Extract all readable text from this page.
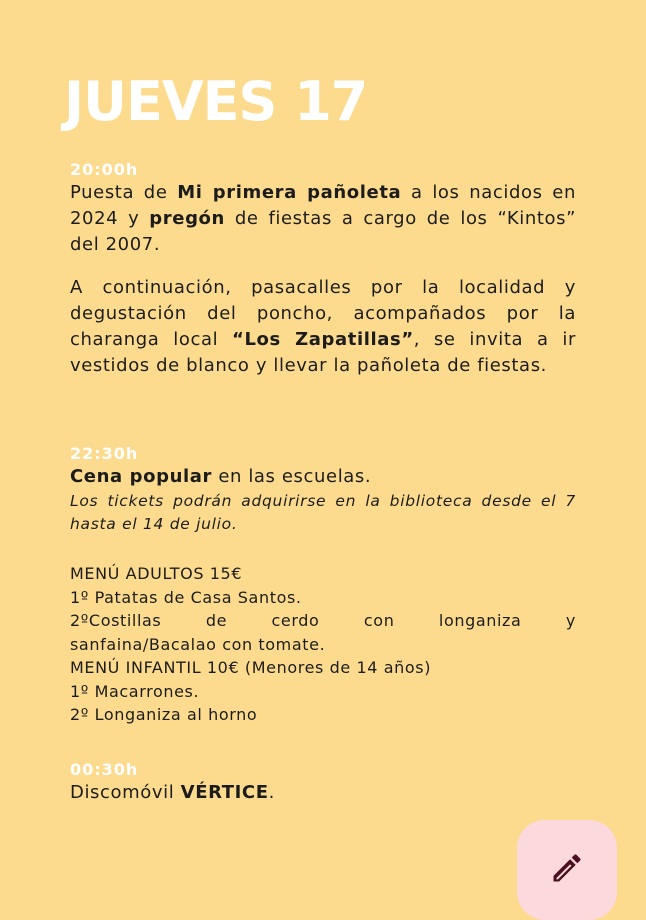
JUEVES 17
20:00h

Puesta de Mi primera pañoleta a los nacidos en 2024 y pregón de fiestas a cargo de los “Kintos” del 2007.

A continuación, pasacalles por la localidad y degustación del poncho, acompañados por la charanga local “Los Zapatillas”, se invita a ir vestidos de blanco y llevar la pañoleta de fiestas.

22:30h

Cena popular en las escuelas.

Los tickets podrán adquirirse en la biblioteca desde el 7 hasta el 14 de julio.

MENÚ ADULTOS 15€

1º Patatas de Casa Santos.

2ºCostillas de cerdo con longaniza y

sanfaina/Bacalao con tomate.

MENÚ INFANTIL 10€ (Menores de 14 años)

1º Macarrones.

2º Longaniza al horno

00:30h

Discomóvil VÉRTICE.
